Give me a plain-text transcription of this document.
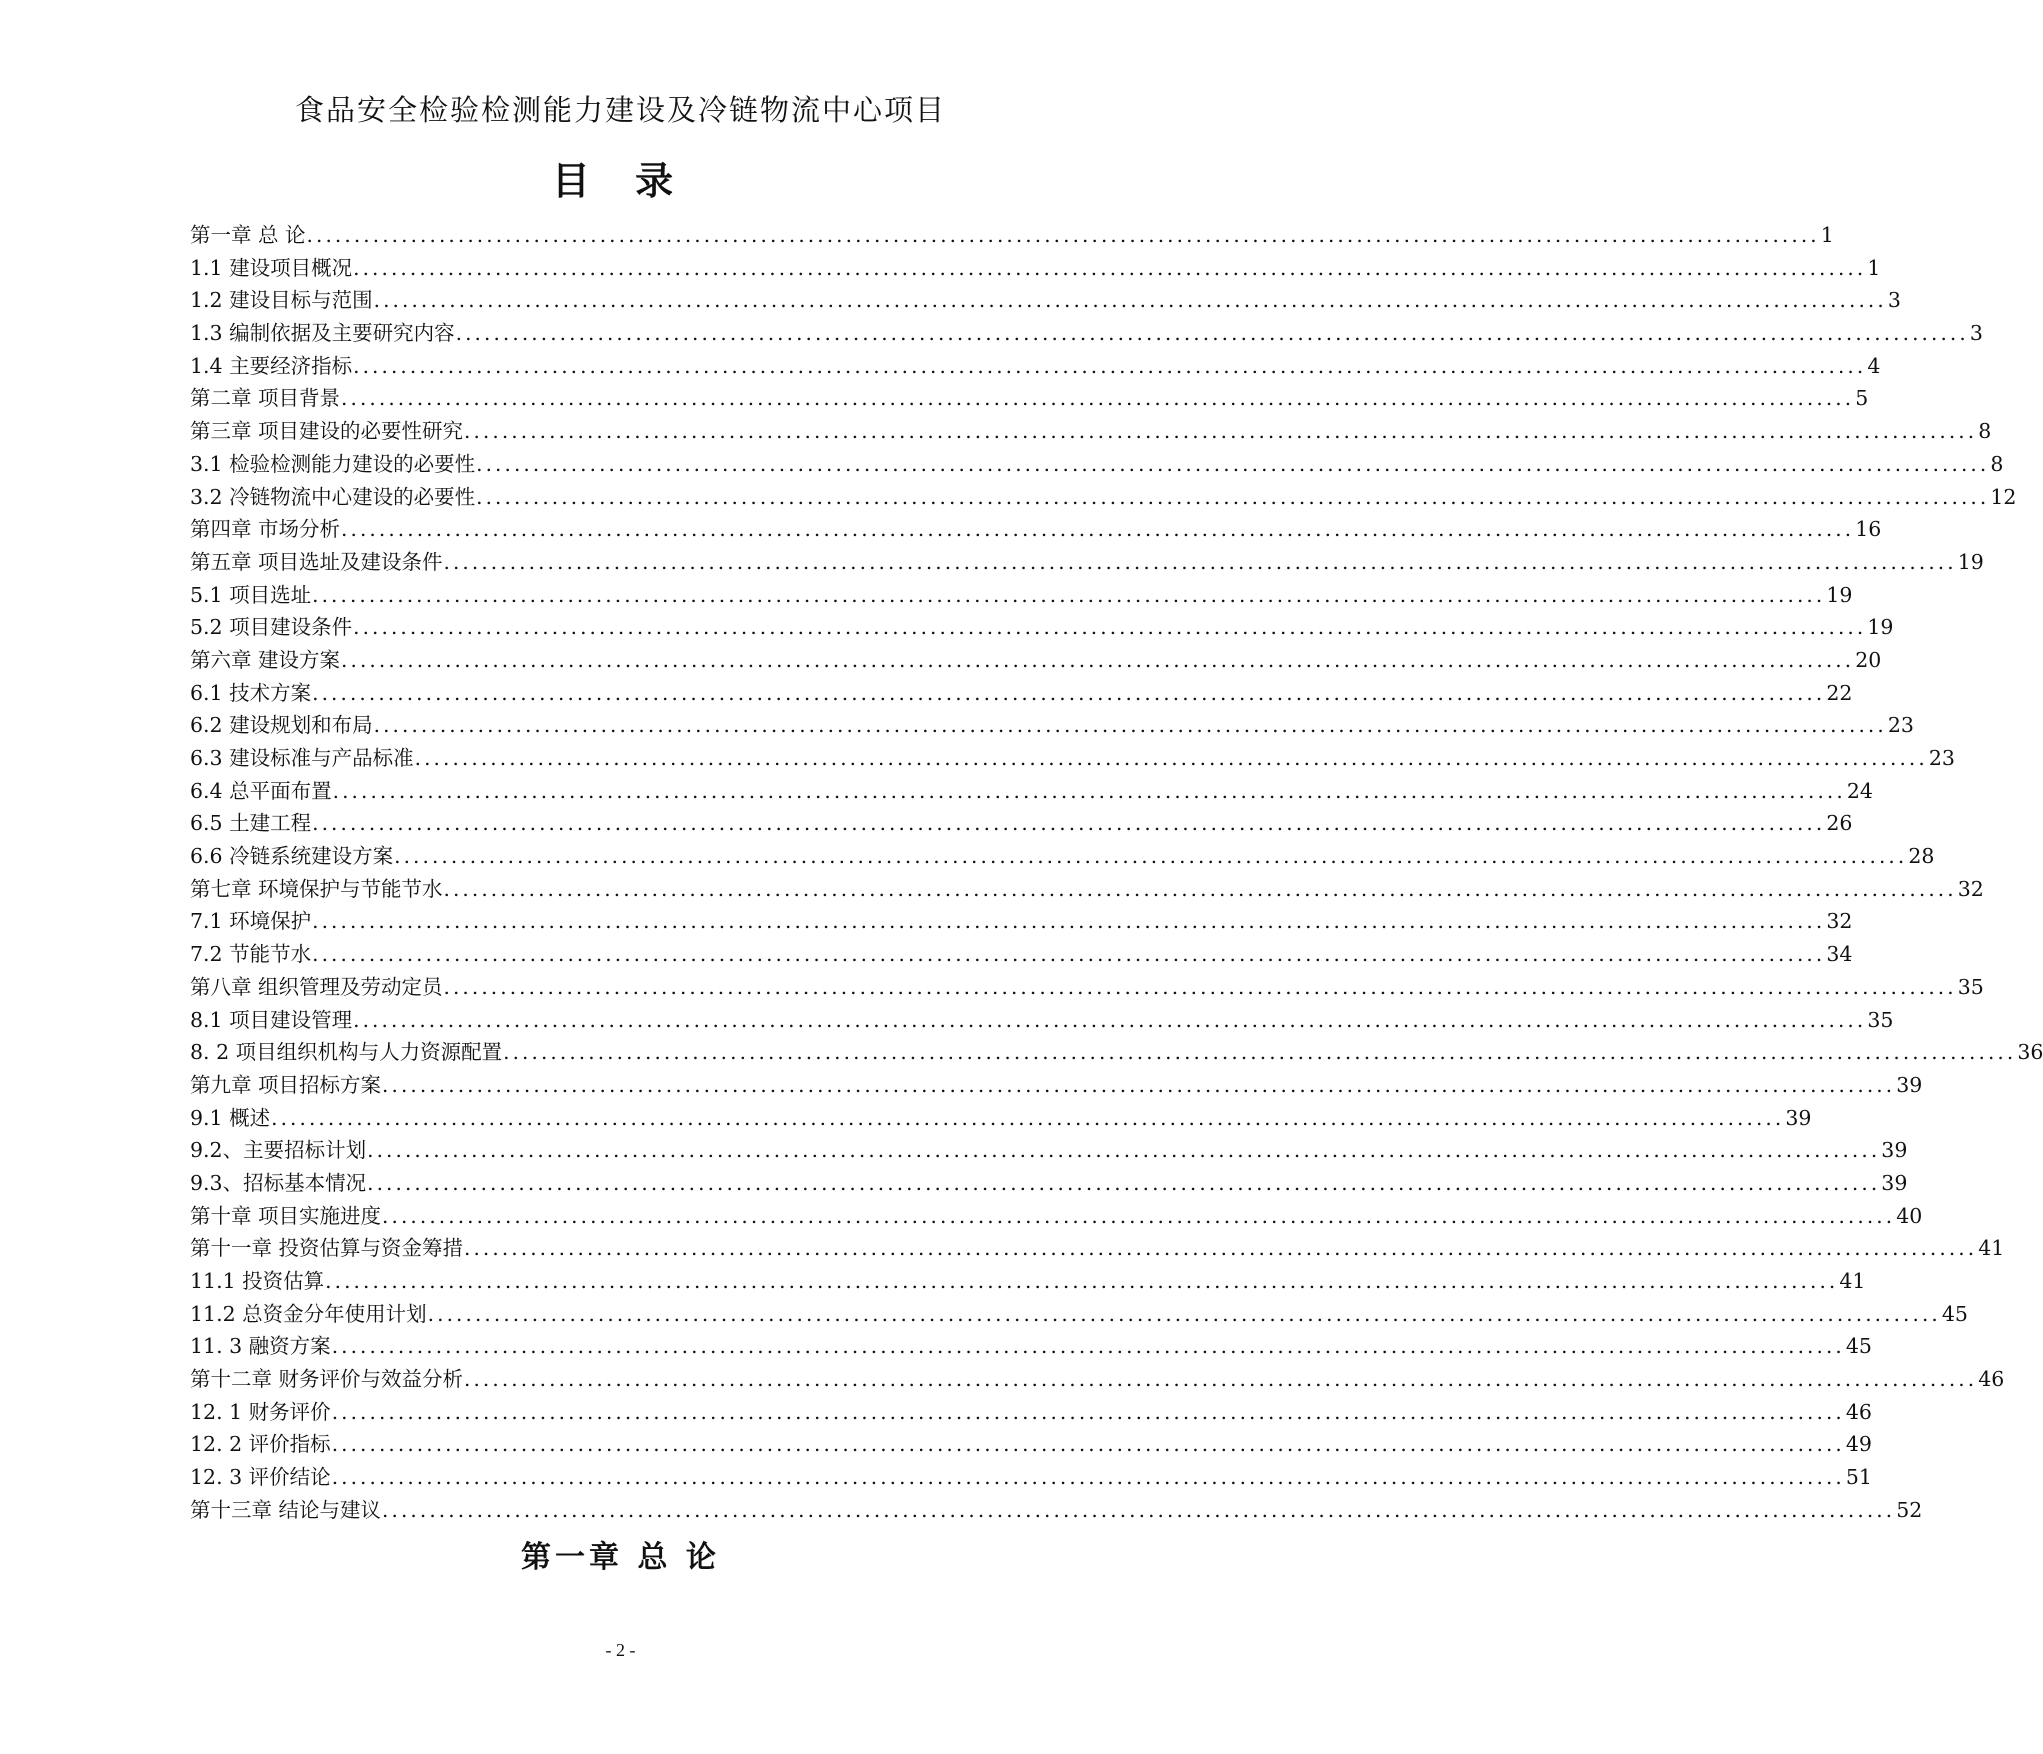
食品安全检验检测能力建设及冷链物流中心项目
目 录
第一章 总 论 ................................................................................................................................................................ 1
1.1 建设项目概况 ................................................................................................................................................................ 1
1.2 建设目标与范围 ................................................................................................................................................................ 3
1.3 编制依据及主要研究内容 ................................................................................................................................................................ 3
1.4 主要经济指标 ................................................................................................................................................................ 4
第二章 项目背景 ................................................................................................................................................................ 5
第三章 项目建设的必要性研究 ................................................................................................................................................................ 8
3.1 检验检测能力建设的必要性 ................................................................................................................................................................ 8
3.2 冷链物流中心建设的必要性 ................................................................................................................................................................ 12
第四章 市场分析 ................................................................................................................................................................ 16
第五章 项目选址及建设条件 ................................................................................................................................................................ 19
5.1 项目选址 ................................................................................................................................................................ 19
5.2 项目建设条件 ................................................................................................................................................................ 19
第六章 建设方案 ................................................................................................................................................................ 20
6.1 技术方案 ................................................................................................................................................................ 22
6.2 建设规划和布局 ................................................................................................................................................................ 23
6.3 建设标准与产品标准 ................................................................................................................................................................ 23
6.4 总平面布置 ................................................................................................................................................................ 24
6.5 土建工程 ................................................................................................................................................................ 26
6.6 冷链系统建设方案 ................................................................................................................................................................ 28
第七章 环境保护与节能节水 ................................................................................................................................................................ 32
7.1 环境保护 ................................................................................................................................................................ 32
7.2 节能节水 ................................................................................................................................................................ 34
第八章 组织管理及劳动定员 ................................................................................................................................................................ 35
8.1 项目建设管理 ................................................................................................................................................................ 35
8. 2 项目组织机构与人力资源配置 ................................................................................................................................................................ 36
第九章 项目招标方案 ................................................................................................................................................................ 39
9.1 概述 ................................................................................................................................................................ 39
9.2、主要招标计划 ................................................................................................................................................................ 39
9.3、招标基本情况 ................................................................................................................................................................ 39
第十章 项目实施进度 ................................................................................................................................................................ 40
第十一章 投资估算与资金筹措 ................................................................................................................................................................ 41
11.1 投资估算 ................................................................................................................................................................ 41
11.2 总资金分年使用计划 ................................................................................................................................................................ 45
11. 3 融资方案 ................................................................................................................................................................ 45
第十二章 财务评价与效益分析 ................................................................................................................................................................ 46
12. 1 财务评价 ................................................................................................................................................................ 46
12. 2 评价指标 ................................................................................................................................................................ 49
12. 3 评价结论 ................................................................................................................................................................ 51
第十三章 结论与建议 ................................................................................................................................................................ 52
第一章 总 论
- 2 -
